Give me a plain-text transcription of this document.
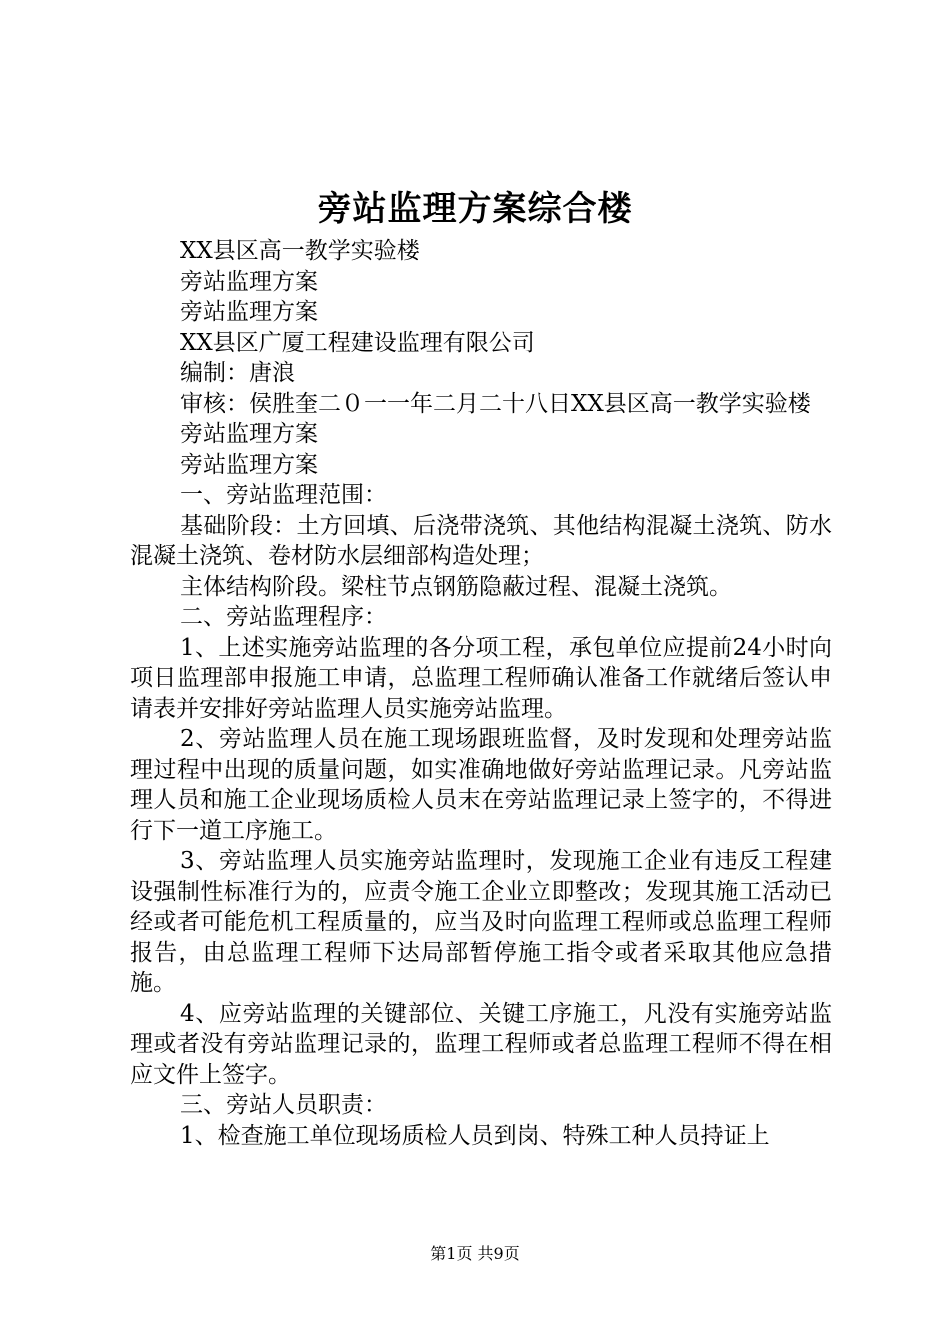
旁站监理方案综合楼

XX县区高一教学实验楼

旁站监理方案

旁站监理方案

XX县区广厦工程建设监理有限公司

编制：唐浪

审核：侯胜奎二０一一年二月二十八日XX县区高一教学实验楼

旁站监理方案

旁站监理方案

一、旁站监理范围：

基础阶段：土方回填、后浇带浇筑、其他结构混凝土浇筑、防水混凝土浇筑、卷材防水层细部构造处理；

主体结构阶段。梁柱节点钢筋隐蔽过程、混凝土浇筑。

二、旁站监理程序：

1、上述实施旁站监理的各分项工程，承包单位应提前24小时向项日监理部申报施工申请，总监理工程师确认准备工作就绪后签认申请表并安排好旁站监理人员实施旁站监理。

2、旁站监理人员在施工现场跟班监督，及时发现和处理旁站监理过程中出现的质量问题，如实准确地做好旁站监理记录。凡旁站监理人员和施工企业现场质检人员末在旁站监理记录上签字的，不得进行下一道工序施工。

3、旁站监理人员实施旁站监理时，发现施工企业有违反工程建设强制性标准行为的，应责令施工企业立即整改；发现其施工活动已经或者可能危机工程质量的，应当及时向监理工程师或总监理工程师报告，由总监理工程师下达局部暂停施工指令或者采取其他应急措施。

4、应旁站监理的关键部位、关键工序施工，凡没有实施旁站监理或者没有旁站监理记录的，监理工程师或者总监理工程师不得在相应文件上签字。

三、旁站人员职责：

1、检查施工单位现场质检人员到岗、特殊工种人员持证上

第1页 共9页
